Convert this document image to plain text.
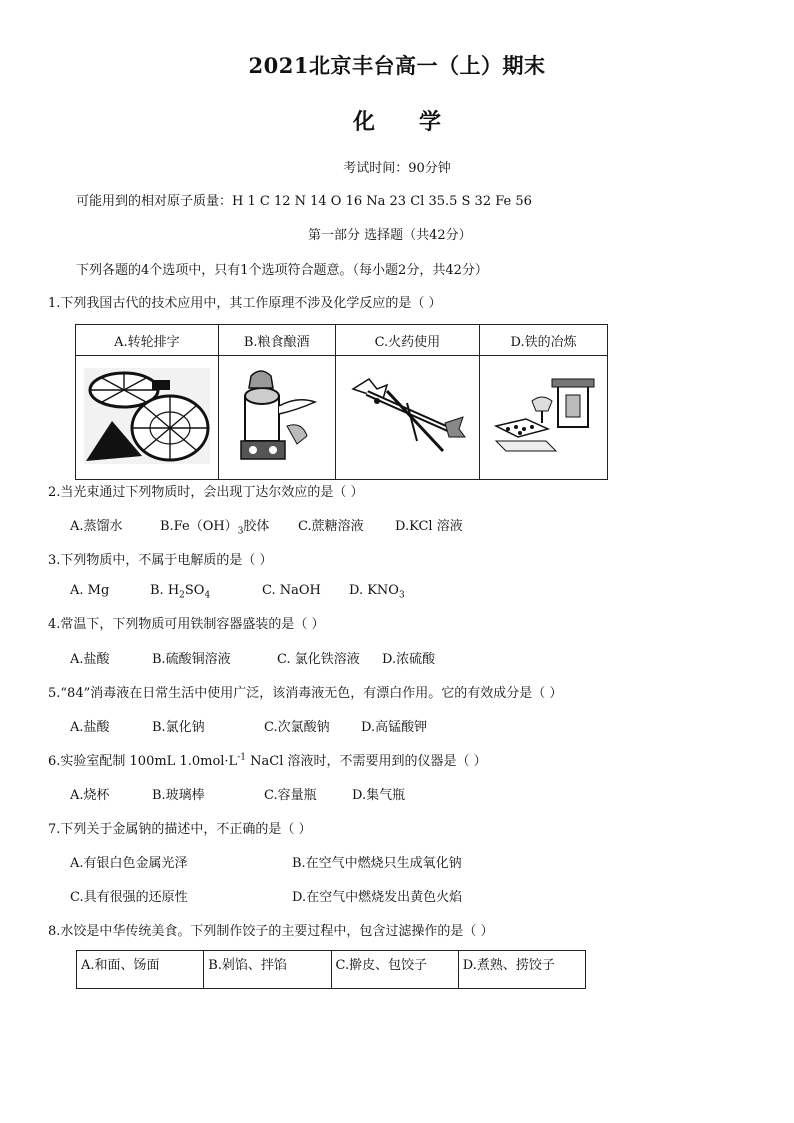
2021北京丰台高一（上）期末
化 学
考试时间：90分钟
可能用到的相对原子质量：H 1 C 12 N 14 O 16 Na 23 Cl 35.5 S 32 Fe 56
第一部分 选择题（共42分）
下列各题的4个选项中，只有1个选项符合题意。（每小题2分，共42分）
1.下列我国古代的技术应用中，其工作原理不涉及化学反应的是（ ）
A.转轮排字	B.粮食酿酒	C.火药使用	D.铁的冶炼

2.当光束通过下列物质时，会出现丁达尔效应的是（ ）
A.蒸馏水	$B.Fe(OH)_3$胶体 C.蔗糖溶液 D.KCl 溶液
3.下列物质中，不属于电解质的是（ ）
A. Mg	B. $H_2SO_4$	C. NaOH D. $KNO_3$
4.常温下，下列物质可用铁制容器盛装的是（ ）
A.盐酸	B.硫酸铜溶液	C. 氯化铁溶液 D.浓硫酸
5.“84”消毒液在日常生活中使用广泛，该消毒液无色，有漂白作用。它的有效成分是（ ）
A.盐酸	B.氯化钠	C.次氯酸钠 D.高锰酸钾
6.实验室配制 100mL $1.0mol\cdot L^{-1}$ NaCl 溶液时，不需要用到的仪器是（ ）
A.烧杯	B.玻璃棒	C.容量瓶	D.集气瓶
7.下列关于金属钠的描述中，不正确的是（ ）
A.有银白色金属光泽	B.在空气中燃烧只生成氧化钠
C.具有很强的还原性	D.在空气中燃烧发出黄色火焰
8.水饺是中华传统美食。下列制作饺子的主要过程中，包含过滤操作的是（ ）
A.和面、饧面	B.剁馅、拌馅	C.擀皮、包饺子	D.煮熟、捞饺子
